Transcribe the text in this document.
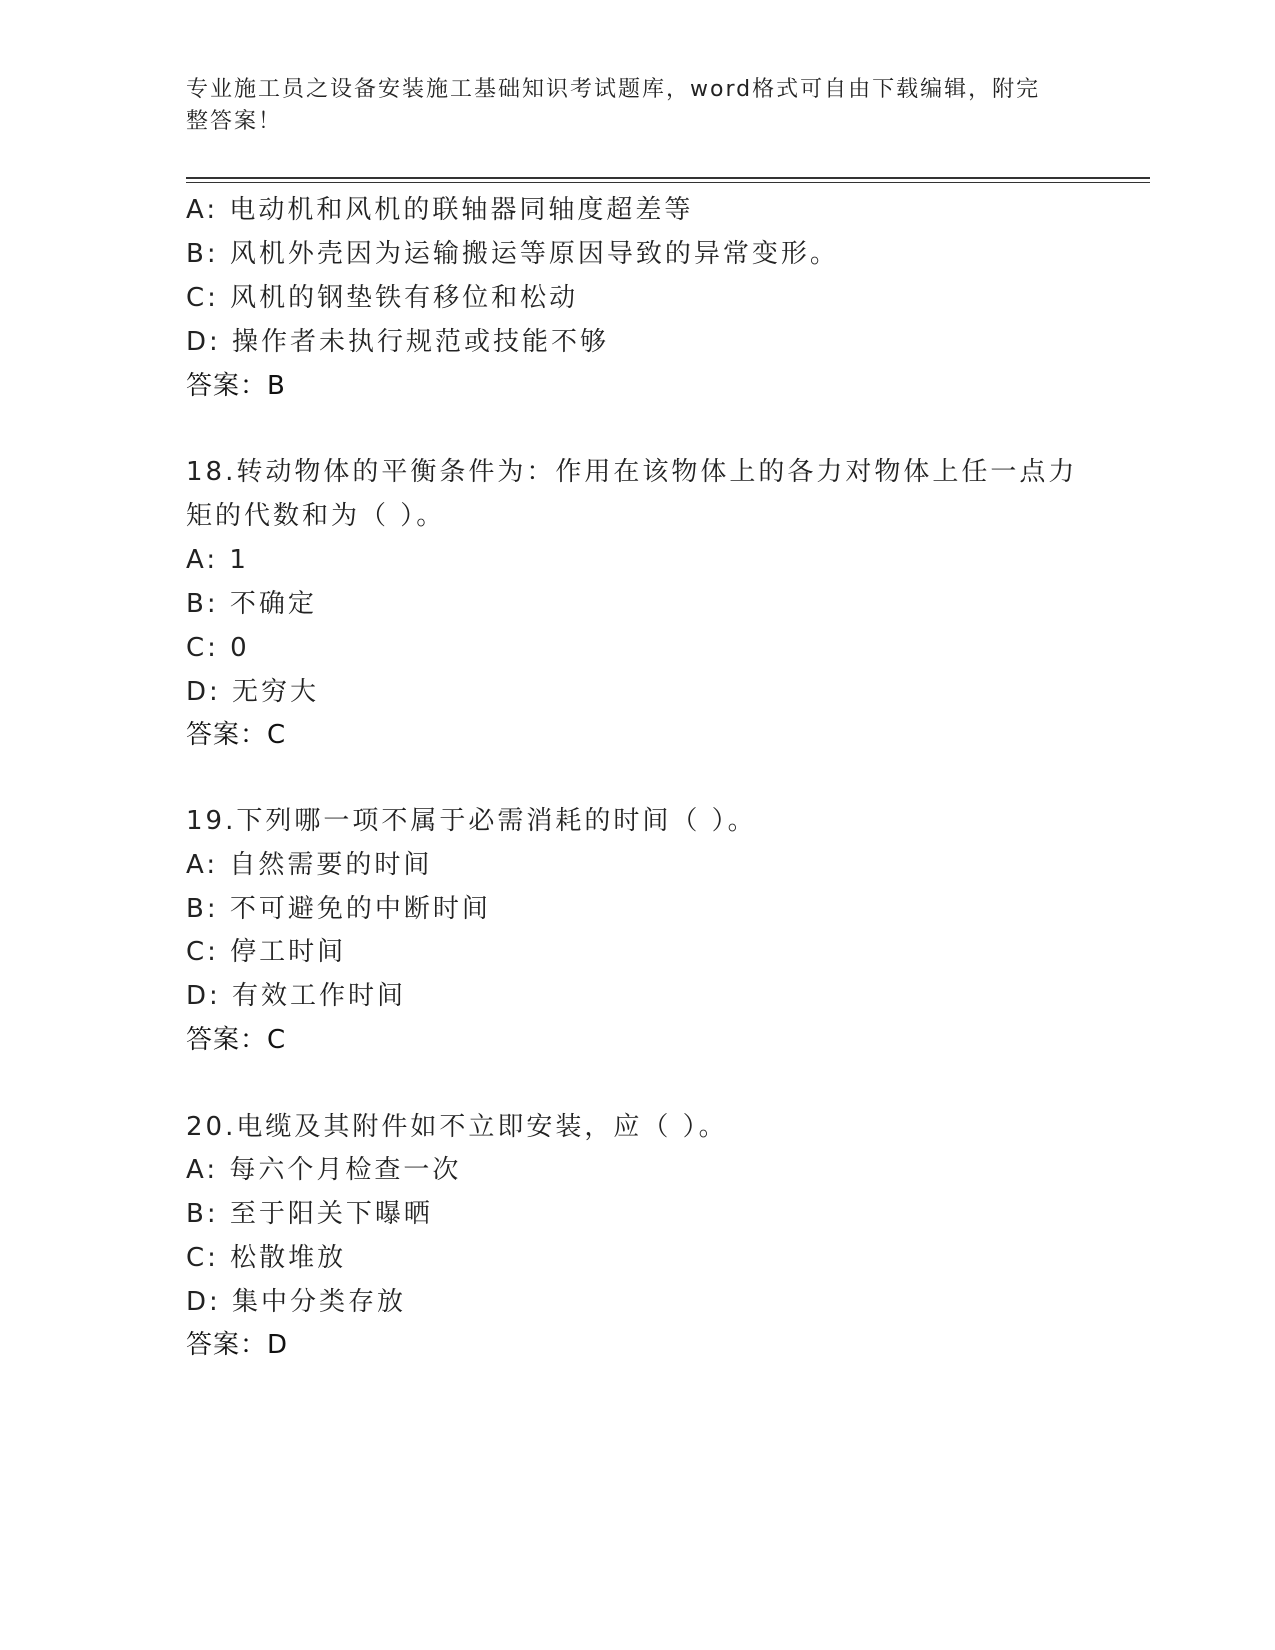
专业施工员之设备安装施工基础知识考试题库，word格式可自由下载编辑，附完
整答案！
A: 电动机和风机的联轴器同轴度超差等
B: 风机外壳因为运输搬运等原因导致的异常变形。
C: 风机的钢垫铁有移位和松动
D: 操作者未执行规范或技能不够
答案：B
18.转动物体的平衡条件为：作用在该物体上的各力对物体上任一点力
矩的代数和为（ ）。
A: 1
B: 不确定
C: 0
D: 无穷大
答案：C
19.下列哪一项不属于必需消耗的时间（ ）。
A: 自然需要的时间
B: 不可避免的中断时间
C: 停工时间
D: 有效工作时间
答案：C
20.电缆及其附件如不立即安装，应（ ）。
A: 每六个月检查一次
B: 至于阳关下曝晒
C: 松散堆放
D: 集中分类存放
答案：D
